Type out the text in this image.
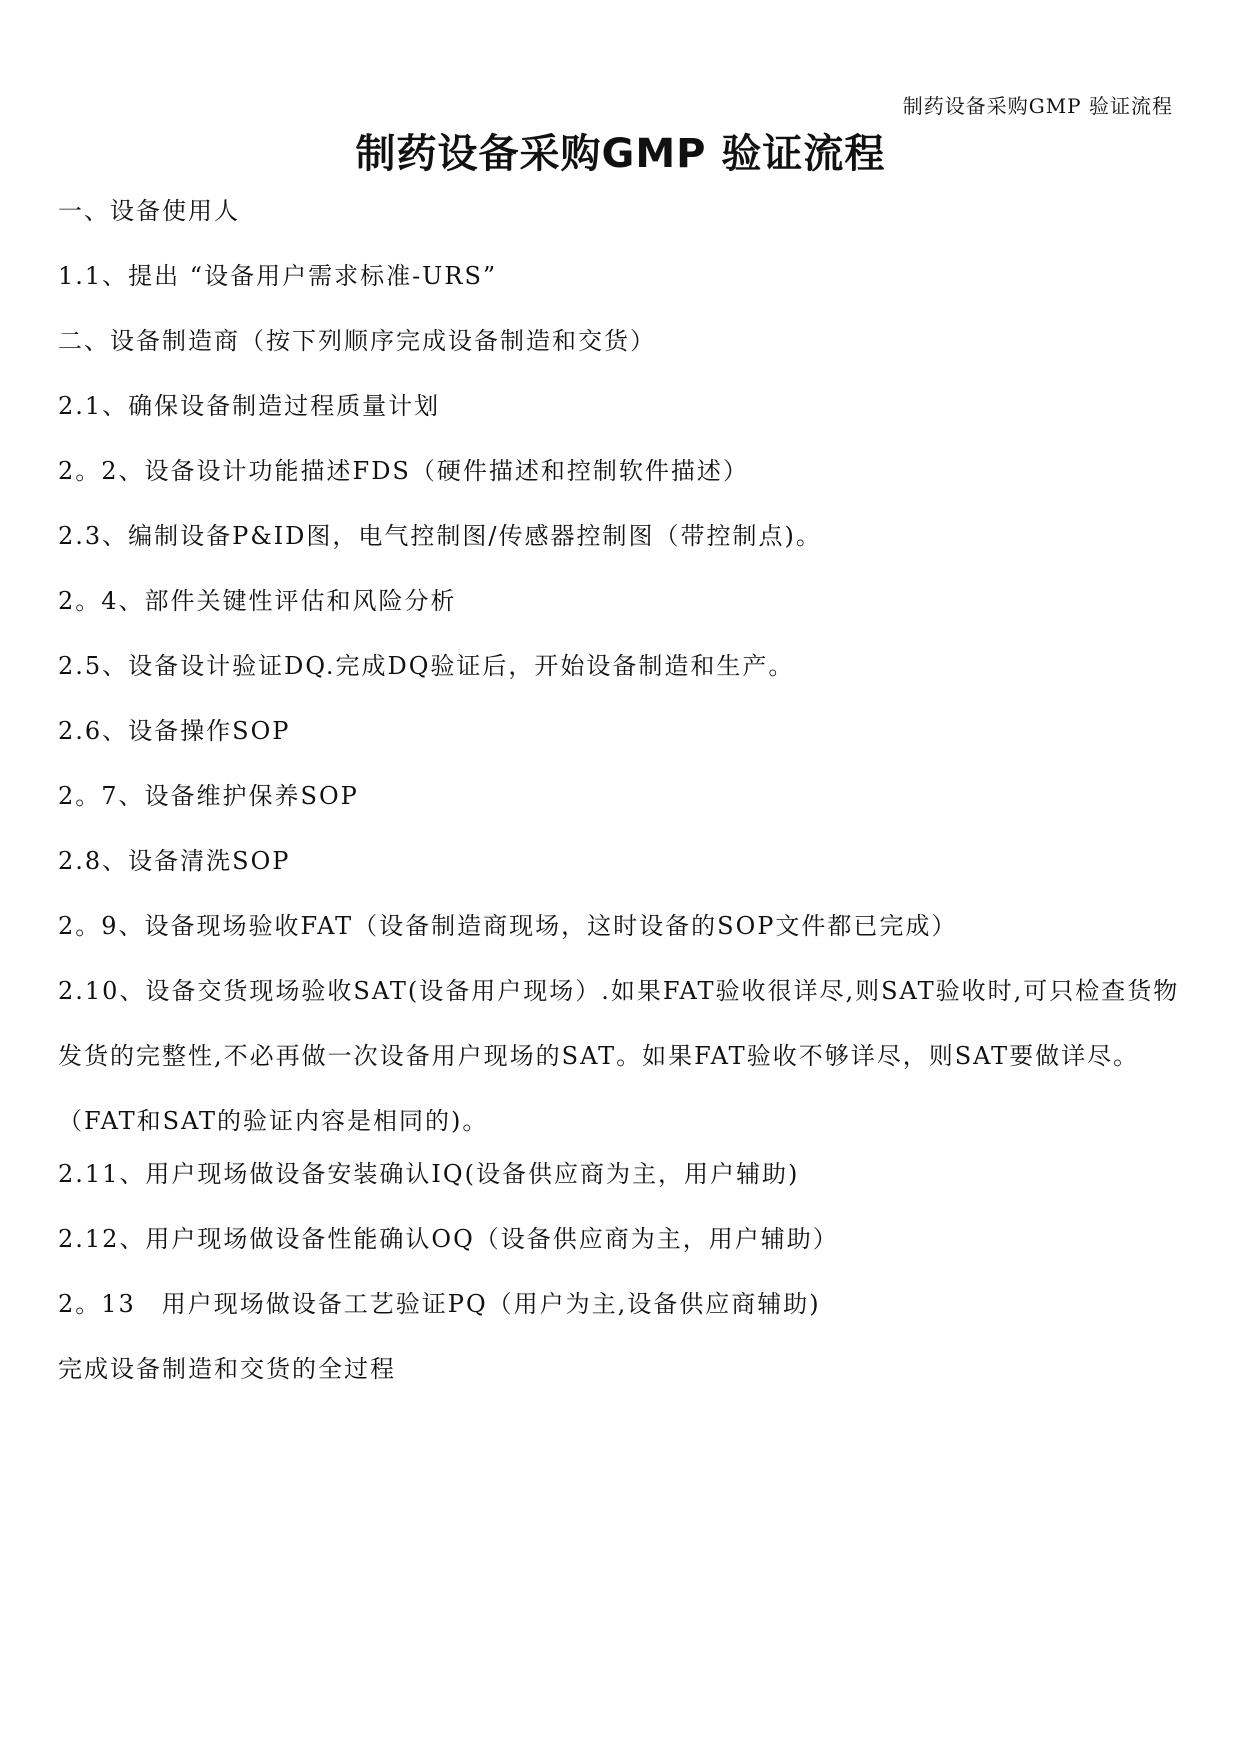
制药设备采购GMP 验证流程
制药设备采购GMP 验证流程
一、设备使用人
1.1、提出 “设备用户需求标准-URS”
二、设备制造商（按下列顺序完成设备制造和交货）
2.1、确保设备制造过程质量计划
2。2、设备设计功能描述FDS（硬件描述和控制软件描述）
2.3、编制设备P&ID图，电气控制图/传感器控制图（带控制点)。
2。4、部件关键性评估和风险分析
2.5、设备设计验证DQ.完成DQ验证后，开始设备制造和生产。
2.6、设备操作SOP
2。7、设备维护保养SOP
2.8、设备清洗SOP
2。9、设备现场验收FAT（设备制造商现场，这时设备的SOP文件都已完成）

2.10、设备交货现场验收SAT(设备用户现场）.如果FAT验收很详尽,则SAT验收时,可只检查货物发货的完整性,不必再做一次设备用户现场的SAT。如果FAT验收不够详尽，则SAT要做详尽。（FAT和SAT的验证内容是相同的)。

2.11、用户现场做设备安装确认IQ(设备供应商为主，用户辅助)
2.12、用户现场做设备性能确认OQ（设备供应商为主，用户辅助）
2。13　用户现场做设备工艺验证PQ（用户为主,设备供应商辅助)
完成设备制造和交货的全过程
